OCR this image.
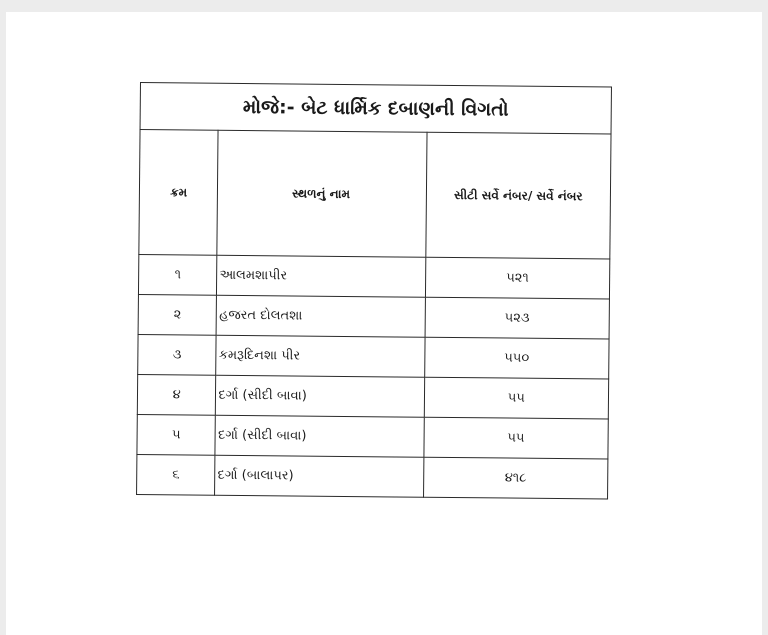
મોજે:- બેટ ધાર્મિક દબાણની વિગતો		
ક્રમ	સ્થળનું નામ	સીટી સર્વે નંબર/ સર્વે નંબર
૧	આલમશાપીર	૫૨૧
૨	હજરત દોલતશા	૫૨૩
૩	કમરૂદિનશા પીર	૫૫૦
૪	દર્ગા (સીદી બાવા)	૫૫
૫	દર્ગા (સીદી બાવા)	૫૫
૬	દર્ગા (બાલાપર)	૪૧૮
